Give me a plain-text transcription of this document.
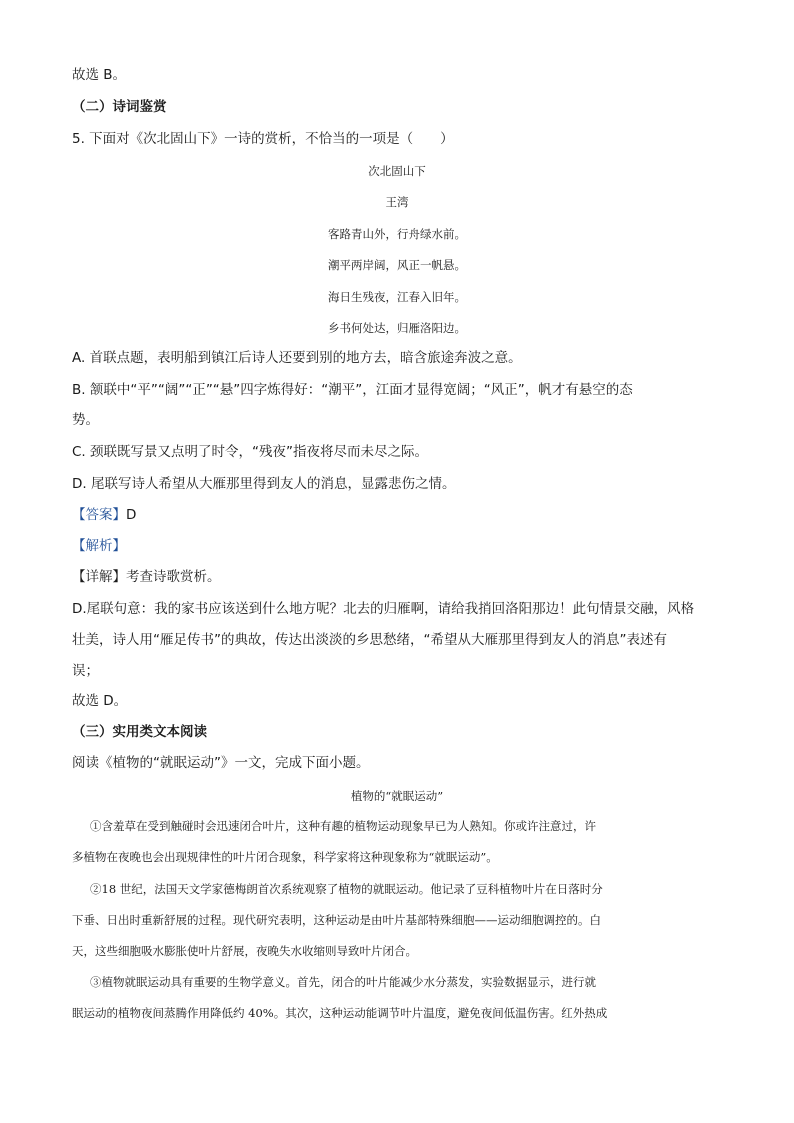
故选 B。
（二）诗词鉴赏
5. 下面对《次北固山下》一诗的赏析，不恰当的一项是（　　）
次北固山下
王湾
客路青山外，行舟绿水前。
潮平两岸阔，风正一帆悬。
海日生残夜，江春入旧年。
乡书何处达，归雁洛阳边。
A. 首联点题，表明船到镇江后诗人还要到别的地方去，暗含旅途奔波之意。
B. 颔联中“平”“阔”“正”“悬”四字炼得好：“潮平”，江面才显得宽阔；“风正”，帆才有悬空的态
势。
C. 颈联既写景又点明了时令，“残夜”指夜将尽而未尽之际。
D. 尾联写诗人希望从大雁那里得到友人的消息，显露悲伤之情。
【答案】D
【解析】
【详解】考查诗歌赏析。
D.尾联句意：我的家书应该送到什么地方呢？北去的归雁啊，请给我捎回洛阳那边！此句情景交融，风格
壮美，诗人用“雁足传书”的典故，传达出淡淡的乡思愁绪，“希望从大雁那里得到友人的消息”表述有
误；
故选 D。
（三）实用类文本阅读
阅读《植物的“就眠运动”》一文，完成下面小题。
植物的“就眠运动”
①含羞草在受到触碰时会迅速闭合叶片，这种有趣的植物运动现象早已为人熟知。你或许注意过，许
多植物在夜晚也会出现规律性的叶片闭合现象，科学家将这种现象称为“就眠运动”。
②18 世纪，法国天文学家德梅朗首次系统观察了植物的就眠运动。他记录了豆科植物叶片在日落时分
下垂、日出时重新舒展的过程。现代研究表明，这种运动是由叶片基部特殊细胞——运动细胞调控的。白
天，这些细胞吸水膨胀使叶片舒展，夜晚失水收缩则导致叶片闭合。
③植物就眠运动具有重要的生物学意义。首先，闭合的叶片能减少水分蒸发，实验数据显示，进行就
眠运动的植物夜间蒸腾作用降低约 40%。其次，这种运动能调节叶片温度，避免夜间低温伤害。红外热成
